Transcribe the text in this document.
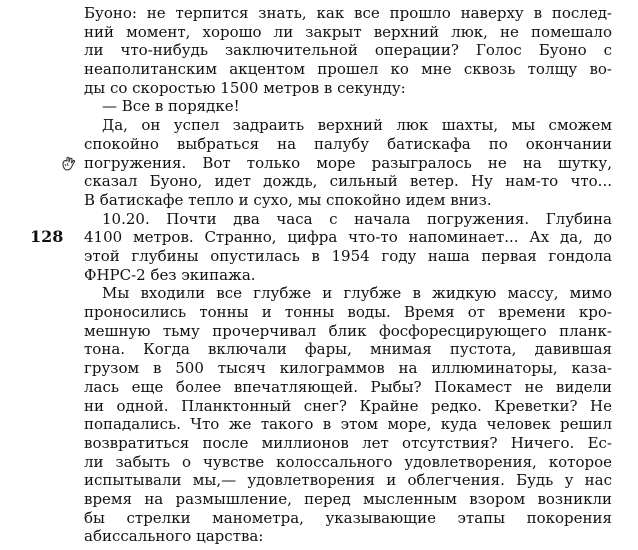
128
Буоно: не терпится знать, как все прошло наверху в послед-
ний момент, хорошо ли закрыт верхний люк, не помешало
ли что-нибудь заключительной операции? Голос Буоно с
неаполитанским акцентом прошел ко мне сквозь толщу во-
ды со скоростью 1500 метров в секунду:
— Все в порядке!
Да, он успел задраить верхний люк шахты, мы сможем
спокойно выбраться на палубу батискафа по окончании
погружения. Вот только море разыгралось не на шутку,
сказал Буоно, идет дождь, сильный ветер. Ну нам-то что...
В батискафе тепло и сухо, мы спокойно идем вниз.
10.20. Почти два часа с начала погружения. Глубина
4100 метров. Странно, цифра что-то напоминает... Ах да, до
этой глубины опустилась в 1954 году наша первая гондола
ФНРС-2 без экипажа.
Мы входили все глубже и глубже в жидкую массу, мимо
проносились тонны и тонны воды. Время от времени кро-
мешную тьму прочерчивал блик фосфоресцирующего планк-
тона. Когда включали фары, мнимая пустота, давившая
грузом в 500 тысяч килограммов на иллюминаторы, каза-
лась еще более впечатляющей. Рыбы? Покамест не видели
ни одной. Планктонный снег? Крайне редко. Креветки? Не
попадались. Что же такого в этом море, куда человек решил
возвратиться после миллионов лет отсутствия? Ничего. Ес-
ли забыть о чувстве колоссального удовлетворения, которое
испытывали мы,— удовлетворения и облегчения. Будь у нас
время на размышление, перед мысленным взором возникли
бы стрелки манометра, указывающие этапы покорения
абиссального царства:
